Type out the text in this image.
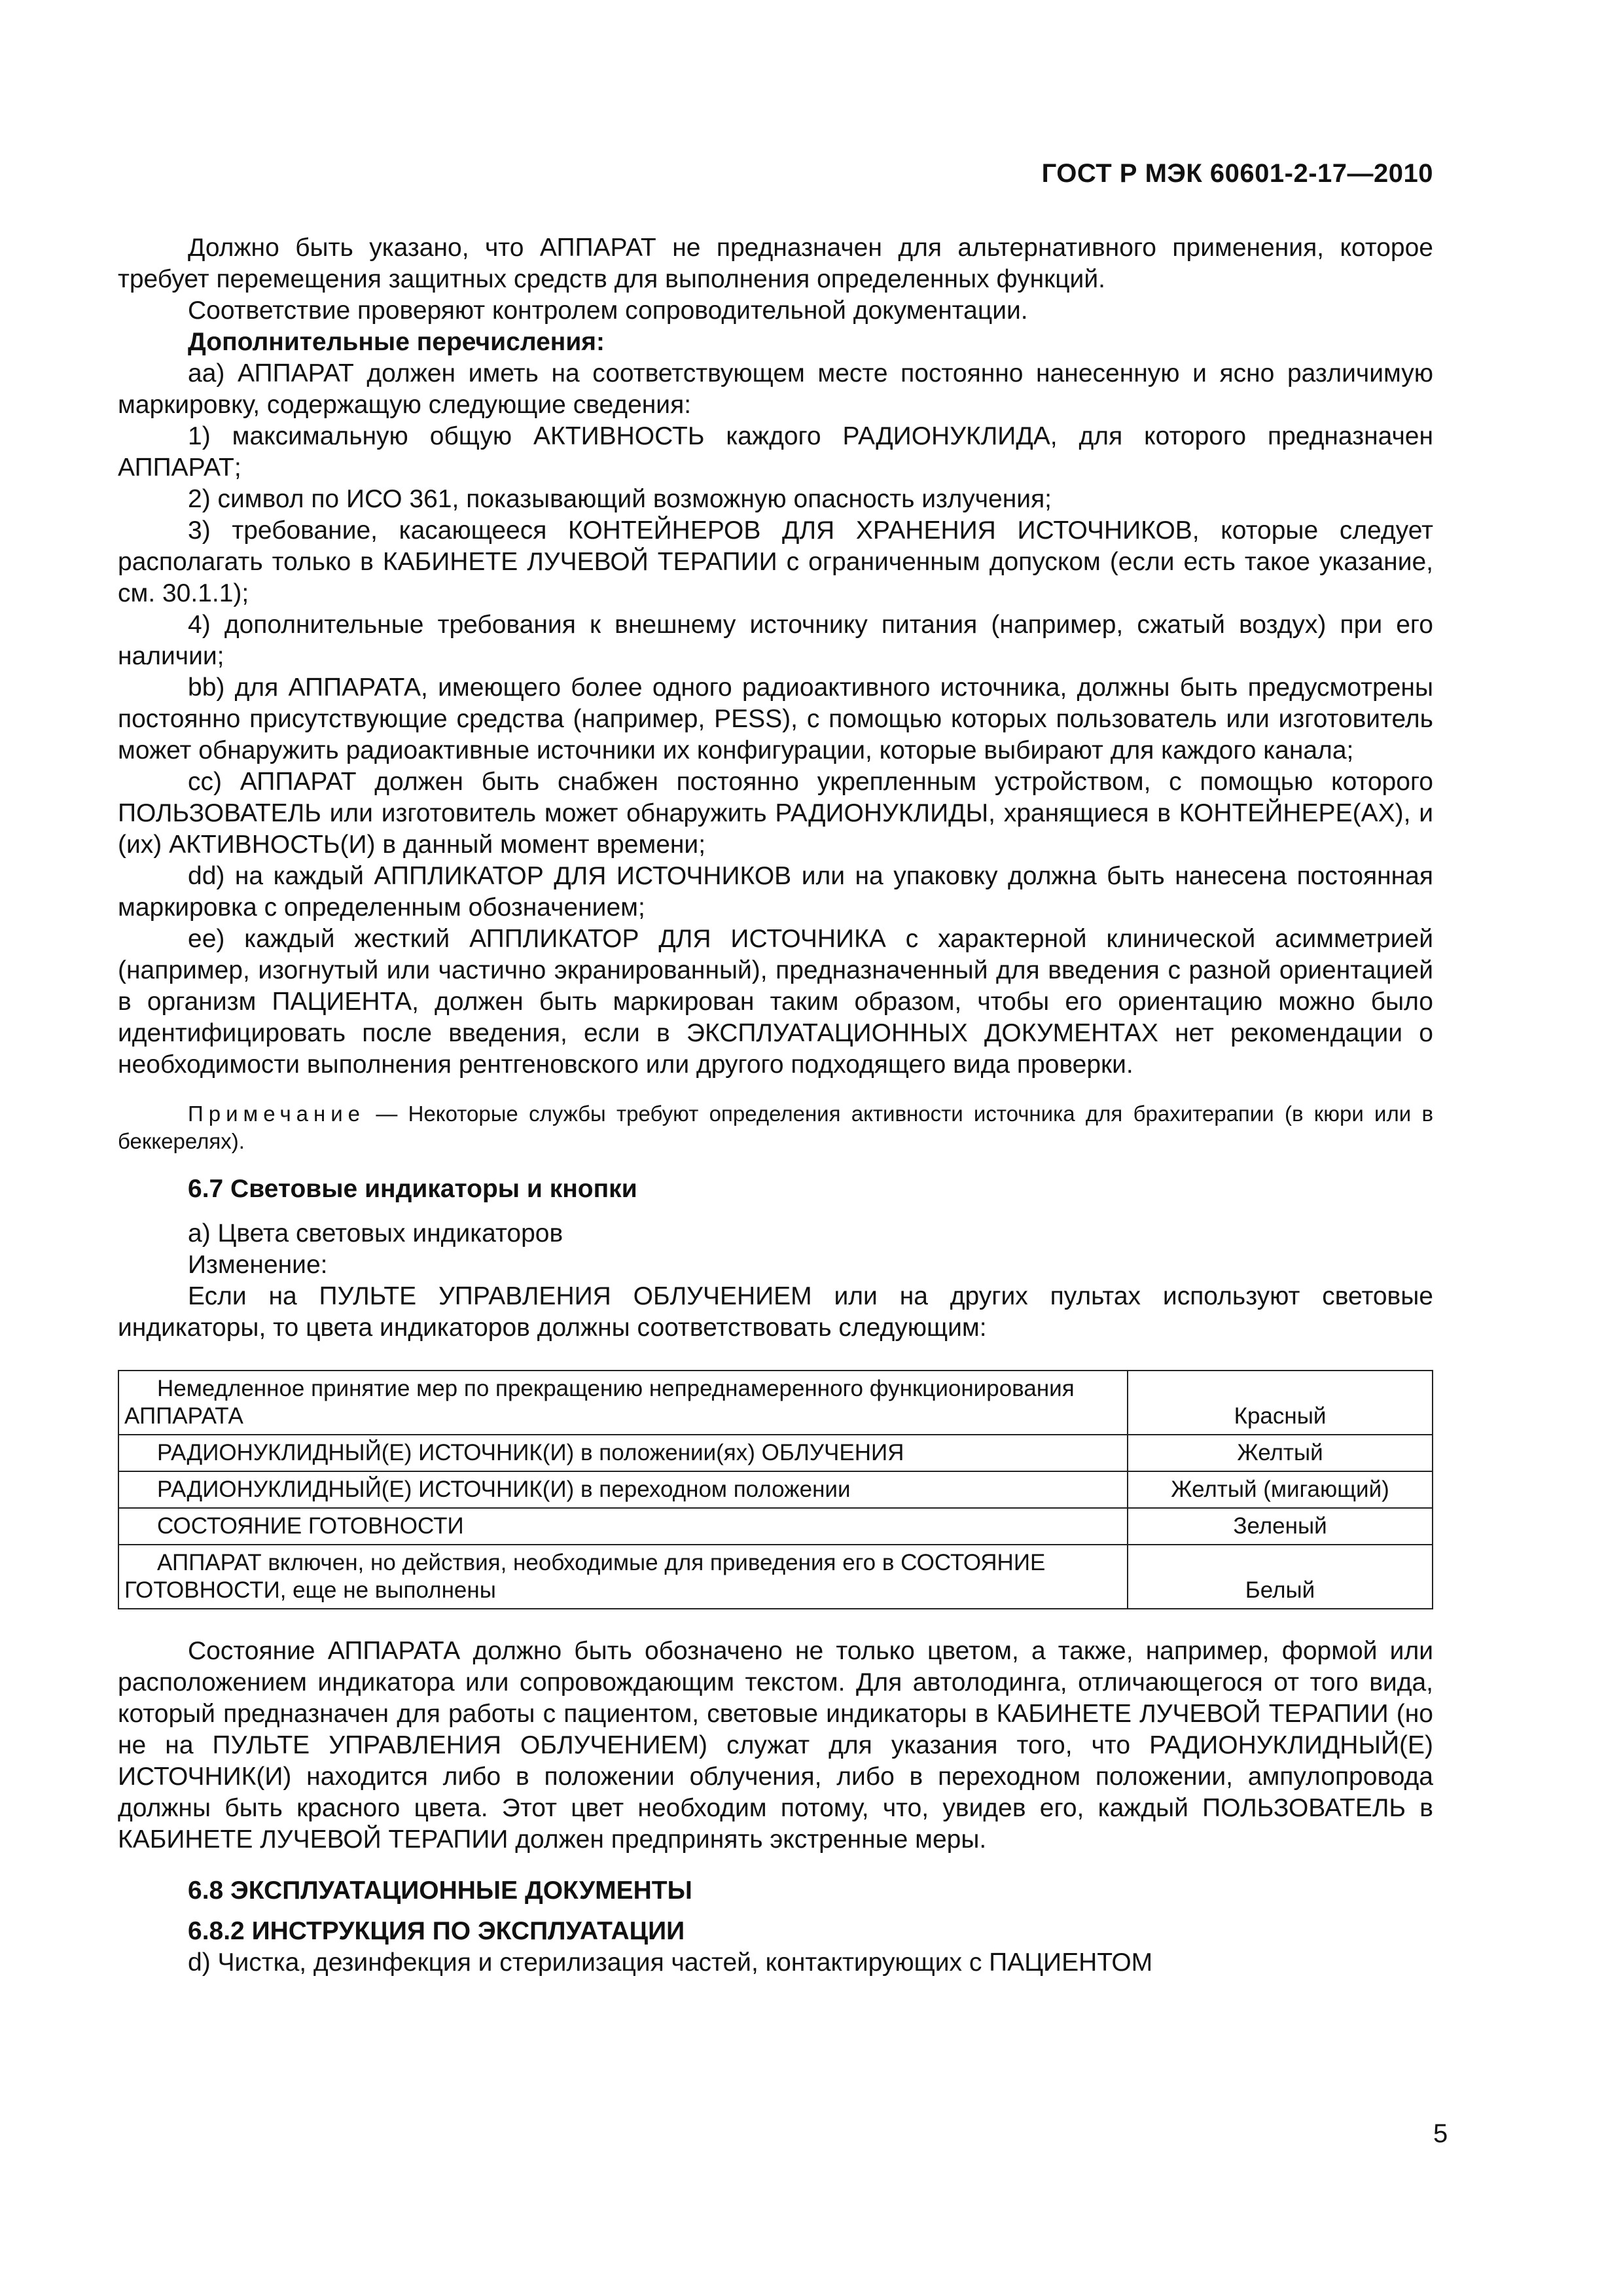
ГОСТ Р МЭК 60601-2-17—2010

Должно быть указано, что АППАРАТ не предназначен для альтернативного применения, которое требует перемещения защитных средств для выполнения определенных функций.

Соответствие проверяют контролем сопроводительной документации.

Дополнительные перечисления:

аа) АППАРАТ должен иметь на соответствующем месте постоянно нанесенную и ясно различимую маркировку, содержащую следующие сведения:

1) максимальную общую АКТИВНОСТЬ каждого РАДИОНУКЛИДА, для которого предназначен АППАРАТ;

2) символ по ИСО 361, показывающий возможную опасность излучения;

3) требование, касающееся КОНТЕЙНЕРОВ ДЛЯ ХРАНЕНИЯ ИСТОЧНИКОВ, которые следует располагать только в КАБИНЕТЕ ЛУЧЕВОЙ ТЕРАПИИ с ограниченным допуском (если есть такое указание, см. 30.1.1);

4) дополнительные требования к внешнему источнику питания (например, сжатый воздух) при его наличии;

bb) для АППАРАТА, имеющего более одного радиоактивного источника, должны быть предусмотрены постоянно присутствующие средства (например, PESS), с помощью которых пользователь или изготовитель может обнаружить радиоактивные источники их конфигурации, которые выбирают для каждого канала;

cc) АППАРАТ должен быть снабжен постоянно укрепленным устройством, с помощью которого ПОЛЬЗОВАТЕЛЬ или изготовитель может обнаружить РАДИОНУКЛИДЫ, хранящиеся в КОНТЕЙНЕРЕ(АХ), и (их) АКТИВНОСТЬ(И) в данный момент времени;

dd) на каждый АППЛИКАТОР ДЛЯ ИСТОЧНИКОВ или на упаковку должна быть нанесена постоянная маркировка с определенным обозначением;

ee) каждый жесткий АППЛИКАТОР ДЛЯ ИСТОЧНИКА с характерной клинической асимметрией (например, изогнутый или частично экранированный), предназначенный для введения с разной ориентацией в организм ПАЦИЕНТА, должен быть маркирован таким образом, чтобы его ориентацию можно было идентифицировать после введения, если в ЭКСПЛУАТАЦИОННЫХ ДОКУМЕНТАХ нет рекомендации о необходимости выполнения рентгеновского или другого подходящего вида проверки.

Примечание — Некоторые службы требуют определения активности источника для брахитерапии (в кюри или в беккерелях).

6.7 Световые индикаторы и кнопки

а) Цвета световых индикаторов

Изменение:

Если на ПУЛЬТЕ УПРАВЛЕНИЯ ОБЛУЧЕНИЕМ или на других пультах используют световые индикаторы, то цвета индикаторов должны соответствовать следующим:

Немедленное принятие мер по прекращению непреднамеренного функционирования АППАРАТА	Красный

РАДИОНУКЛИДНЫЙ(Е) ИСТОЧНИК(И) в положении(ях) ОБЛУЧЕНИЯ	Желтый

РАДИОНУКЛИДНЫЙ(Е) ИСТОЧНИК(И) в переходном положении	Желтый (мигающий)

СОСТОЯНИЕ ГОТОВНОСТИ	Зеленый

АППАРАТ включен, но действия, необходимые для приведения его в СОСТОЯНИЕ ГОТОВНОСТИ, еще не выполнены	Белый

Состояние АППАРАТА должно быть обозначено не только цветом, а также, например, формой или расположением индикатора или сопровождающим текстом. Для автолодинга, отличающегося от того вида, который предназначен для работы с пациентом, световые индикаторы в КАБИНЕТЕ ЛУЧЕВОЙ ТЕРАПИИ (но не на ПУЛЬТЕ УПРАВЛЕНИЯ ОБЛУЧЕНИЕМ) служат для указания того, что РАДИОНУКЛИДНЫЙ(Е) ИСТОЧНИК(И) находится либо в положении облучения, либо в переходном положении, ампулопровода должны быть красного цвета. Этот цвет необходим потому, что, увидев его, каждый ПОЛЬЗОВАТЕЛЬ в КАБИНЕТЕ ЛУЧЕВОЙ ТЕРАПИИ должен предпринять экстренные меры.

6.8 ЭКСПЛУАТАЦИОННЫЕ ДОКУМЕНТЫ

6.8.2 ИНСТРУКЦИЯ ПО ЭКСПЛУАТАЦИИ

d) Чистка, дезинфекция и стерилизация частей, контактирующих с ПАЦИЕНТОМ

5
